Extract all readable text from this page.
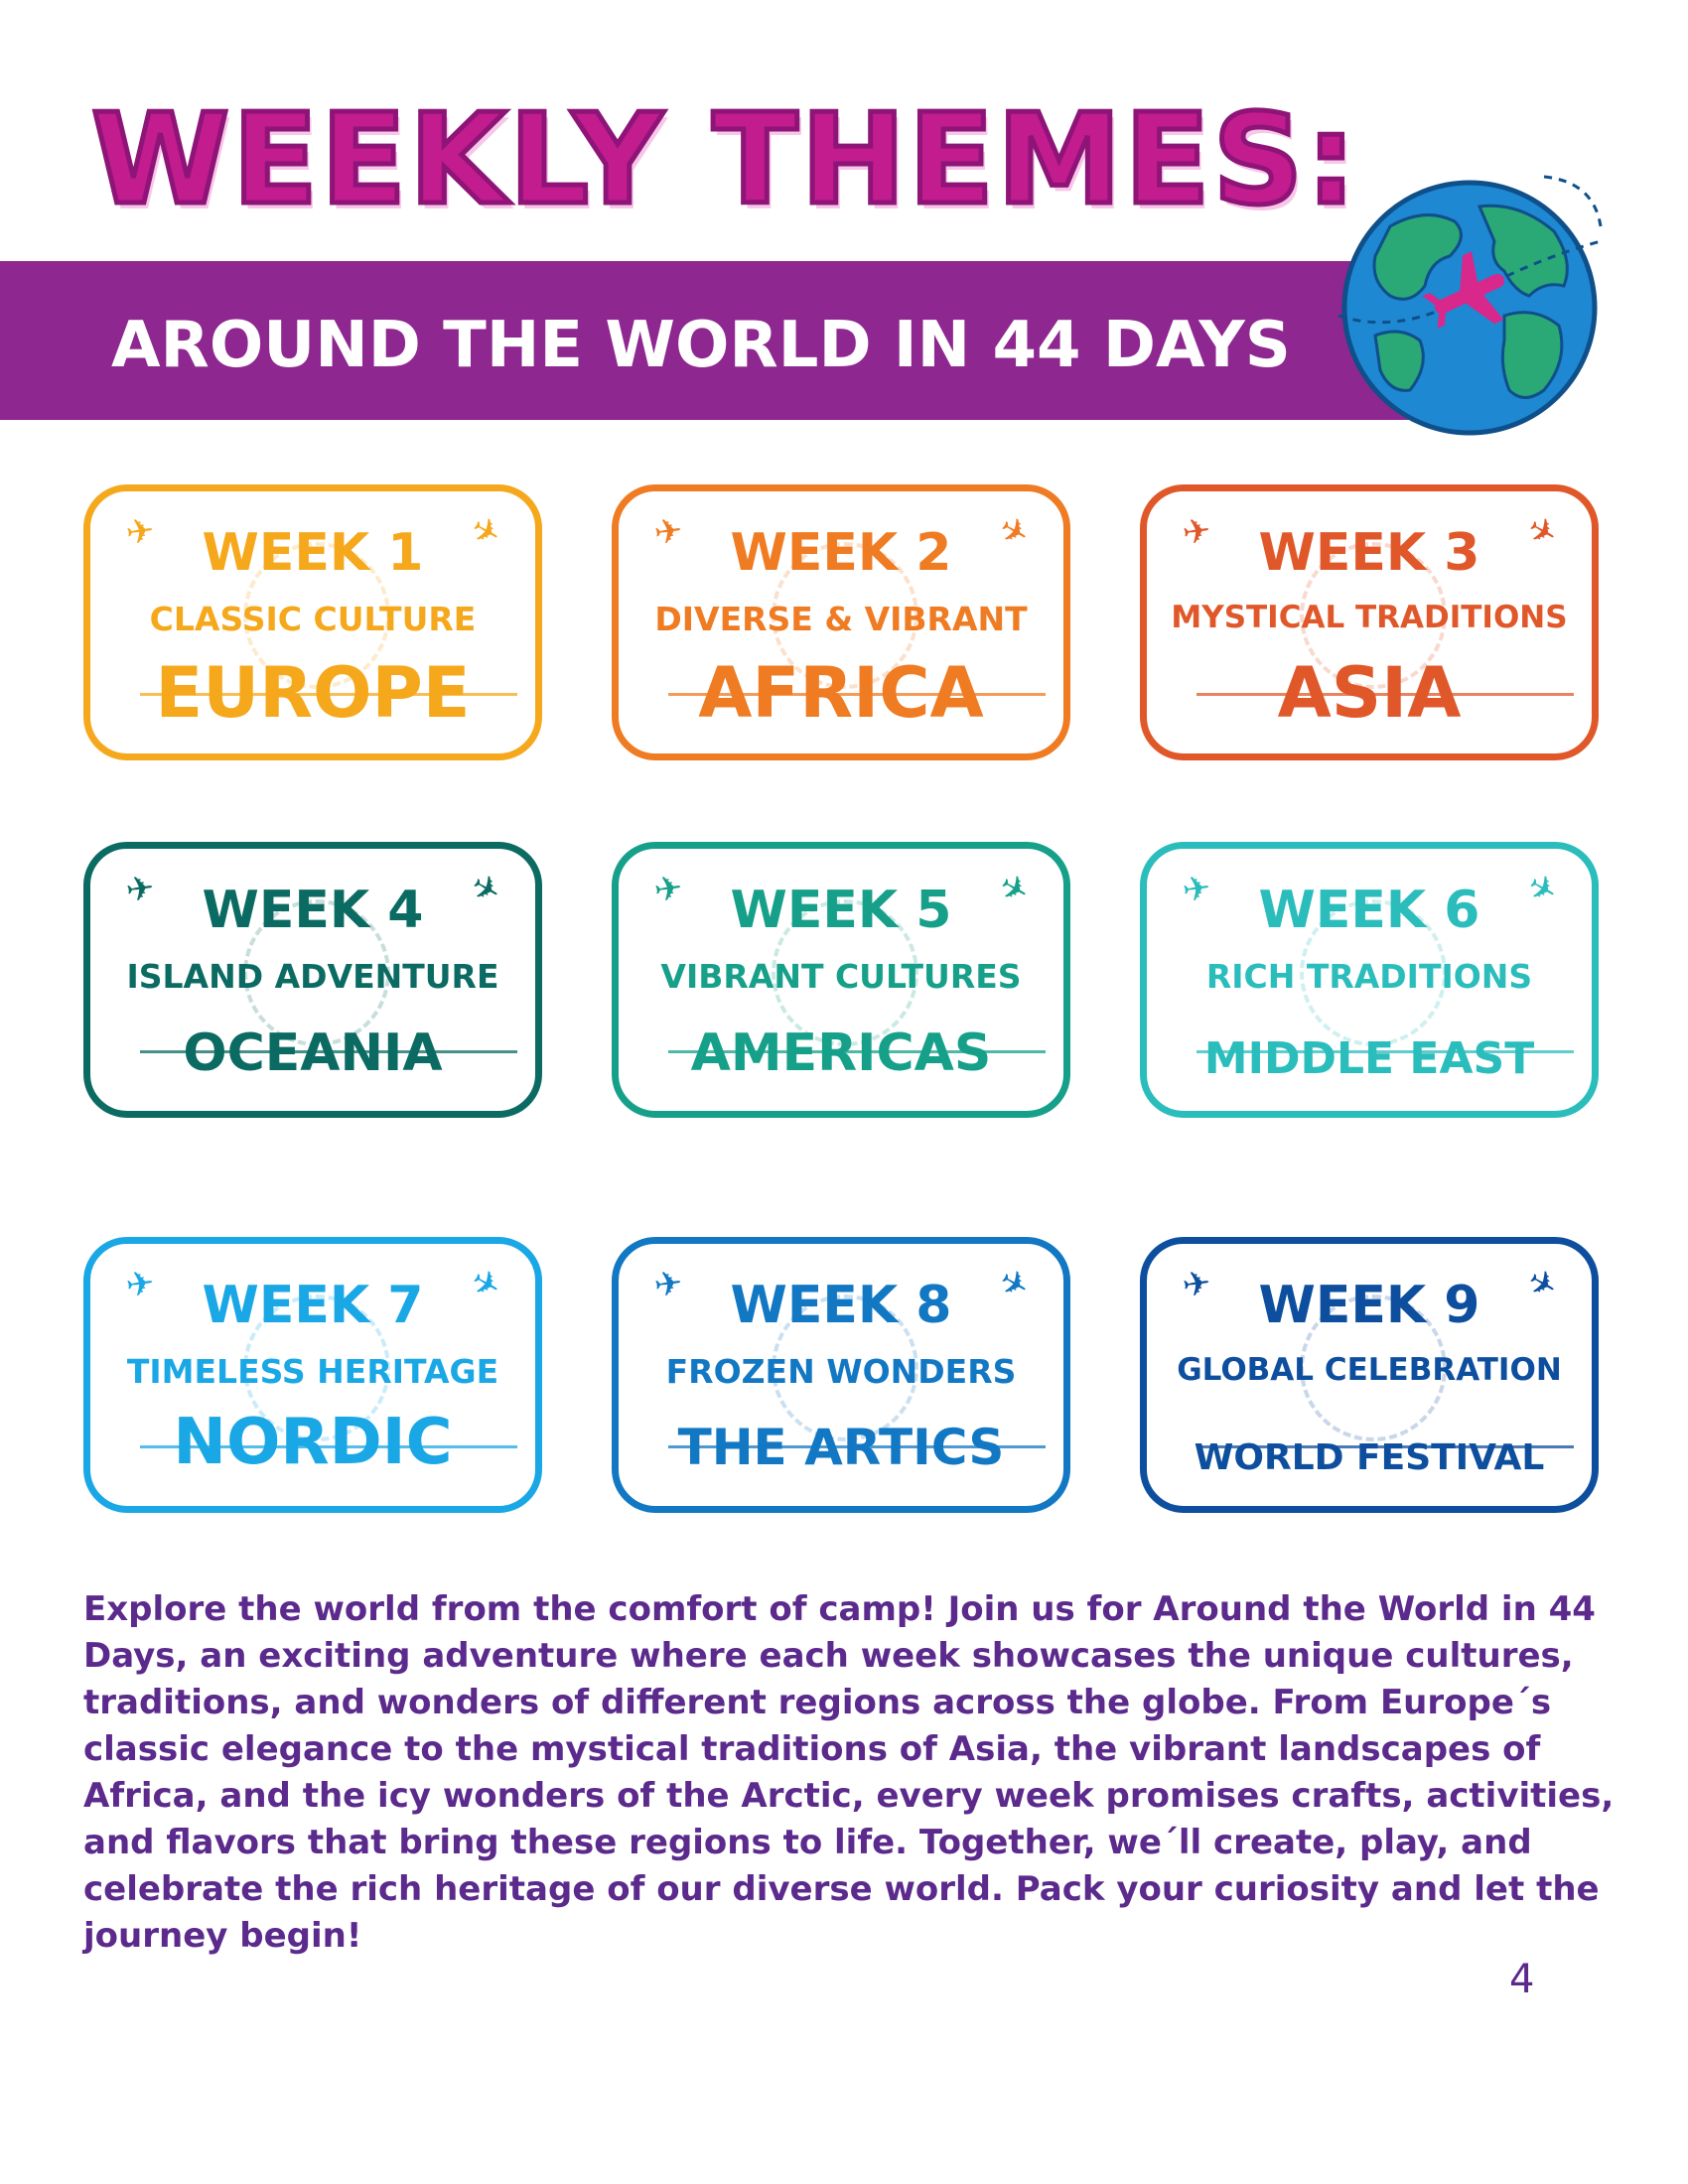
WEEKLY THEMES:
AROUND THE WORLD IN 44 DAYS
✈	✈
WEEK 1
CLASSIC CULTURE
EUROPE
✈	✈
WEEK 2
DIVERSE & VIBRANT
AFRICA
✈	✈
WEEK 3
MYSTICAL TRADITIONS
ASIA
✈	✈
WEEK 4
ISLAND ADVENTURE
OCEANIA
✈	✈
WEEK 5
VIBRANT CULTURES
AMERICAS
✈	✈
WEEK 6
RICH TRADITIONS
MIDDLE EAST
✈	✈
WEEK 7
TIMELESS HERITAGE
NORDIC
✈	✈
WEEK 8
FROZEN WONDERS
THE ARTICS
✈	✈
WEEK 9
GLOBAL CELEBRATION
WORLD FESTIVAL

Explore the world from the comfort of camp! Join us for Around the World in 44 Days, an exciting adventure where each week showcases the unique cultures, traditions, and wonders of different regions across the globe. From Europe´s classic elegance to the mystical traditions of Asia, the vibrant landscapes of Africa, and the icy wonders of the Arctic, every week promises crafts, activities, and flavors that bring these regions to life. Together, we´ll create, play, and celebrate the rich heritage of our diverse world. Pack your curiosity and let the journey begin!

4
